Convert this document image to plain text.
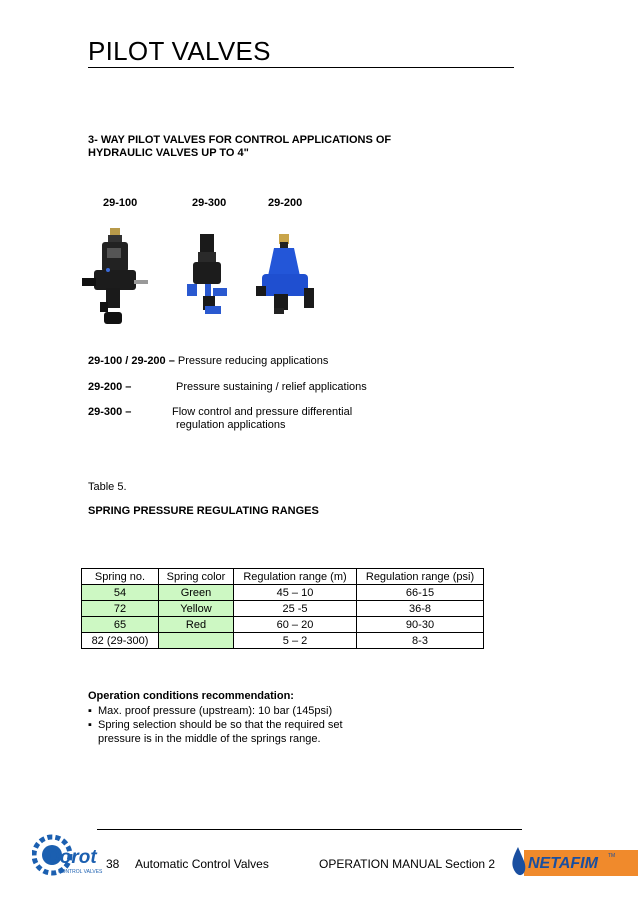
PILOT VALVES
3- WAY PILOT VALVES FOR CONTROL APPLICATIONS OF
HYDRAULIC VALVES UP TO 4"
29-100	29-300	29-200
29-100 / 29-200 – Pressure reducing applications
29-200 –	Pressure sustaining / relief applications
29-300 –	Flow control and pressure differential
regulation applications
Table 5.
SPRING PRESSURE REGULATING RANGES
Spring no.	Spring color	Regulation range (m)	Regulation range (psi)
54	Green	45 – 10	66-15
72	Yellow	25 -5	36-8
65	Red	60 – 20	90-30
82 (29-300)		5 – 2	8-3
Operation conditions recommendation:
▪ Max. proof pressure (upstream): 10 bar (145psi)
▪ Spring selection should be so that the required set pressure is in the middle of the springs range.
Dorot
CONTROL VALVES
38 Automatic Control Valves	OPERATION MANUAL Section 2 NETAFIM TM
